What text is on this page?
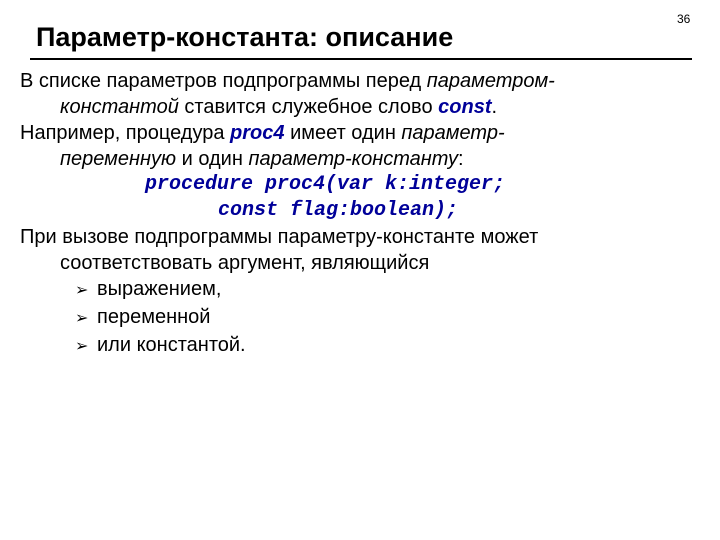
Параметр-константа: описание
36
В списке параметров подпрограммы перед параметром-
константой ставится служебное слово const.
Например, процедура proc4 имеет один параметр-
переменную и один параметр-константу:
procedure proc4(var k:integer;
const flag:boolean);
При вызове подпрограммы параметру-константе может
соответствовать аргумент, являющийся
➢ выражением,
➢ переменной
➢ или константой.
